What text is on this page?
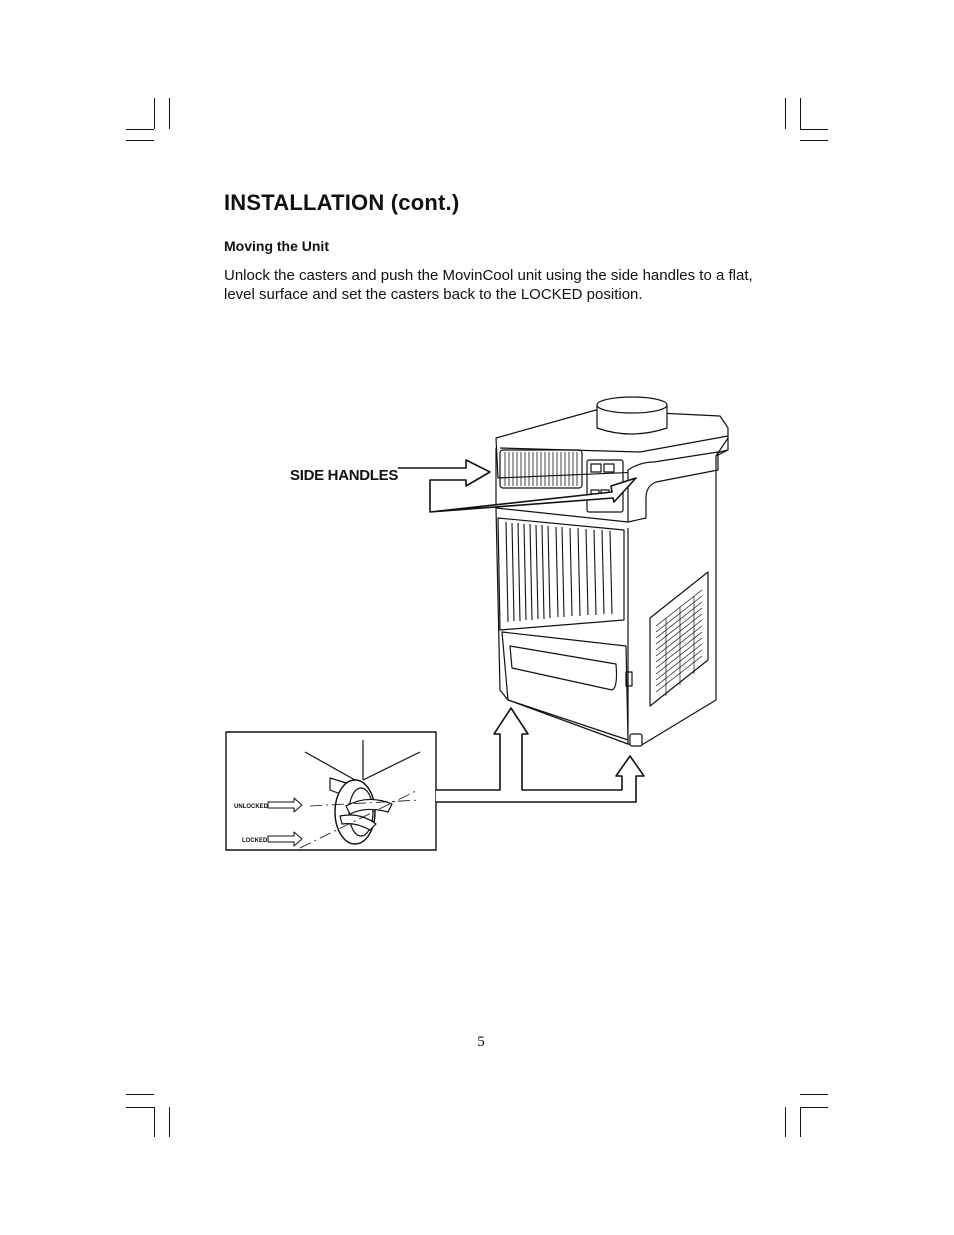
INSTALLATION (cont.)
Moving the Unit

Unlock the casters and push the MovinCool unit using the side handles to a flat, level surface and set the casters back to the LOCKED position.

SIDE HANDLES
UNLOCKED
LOCKED
5
